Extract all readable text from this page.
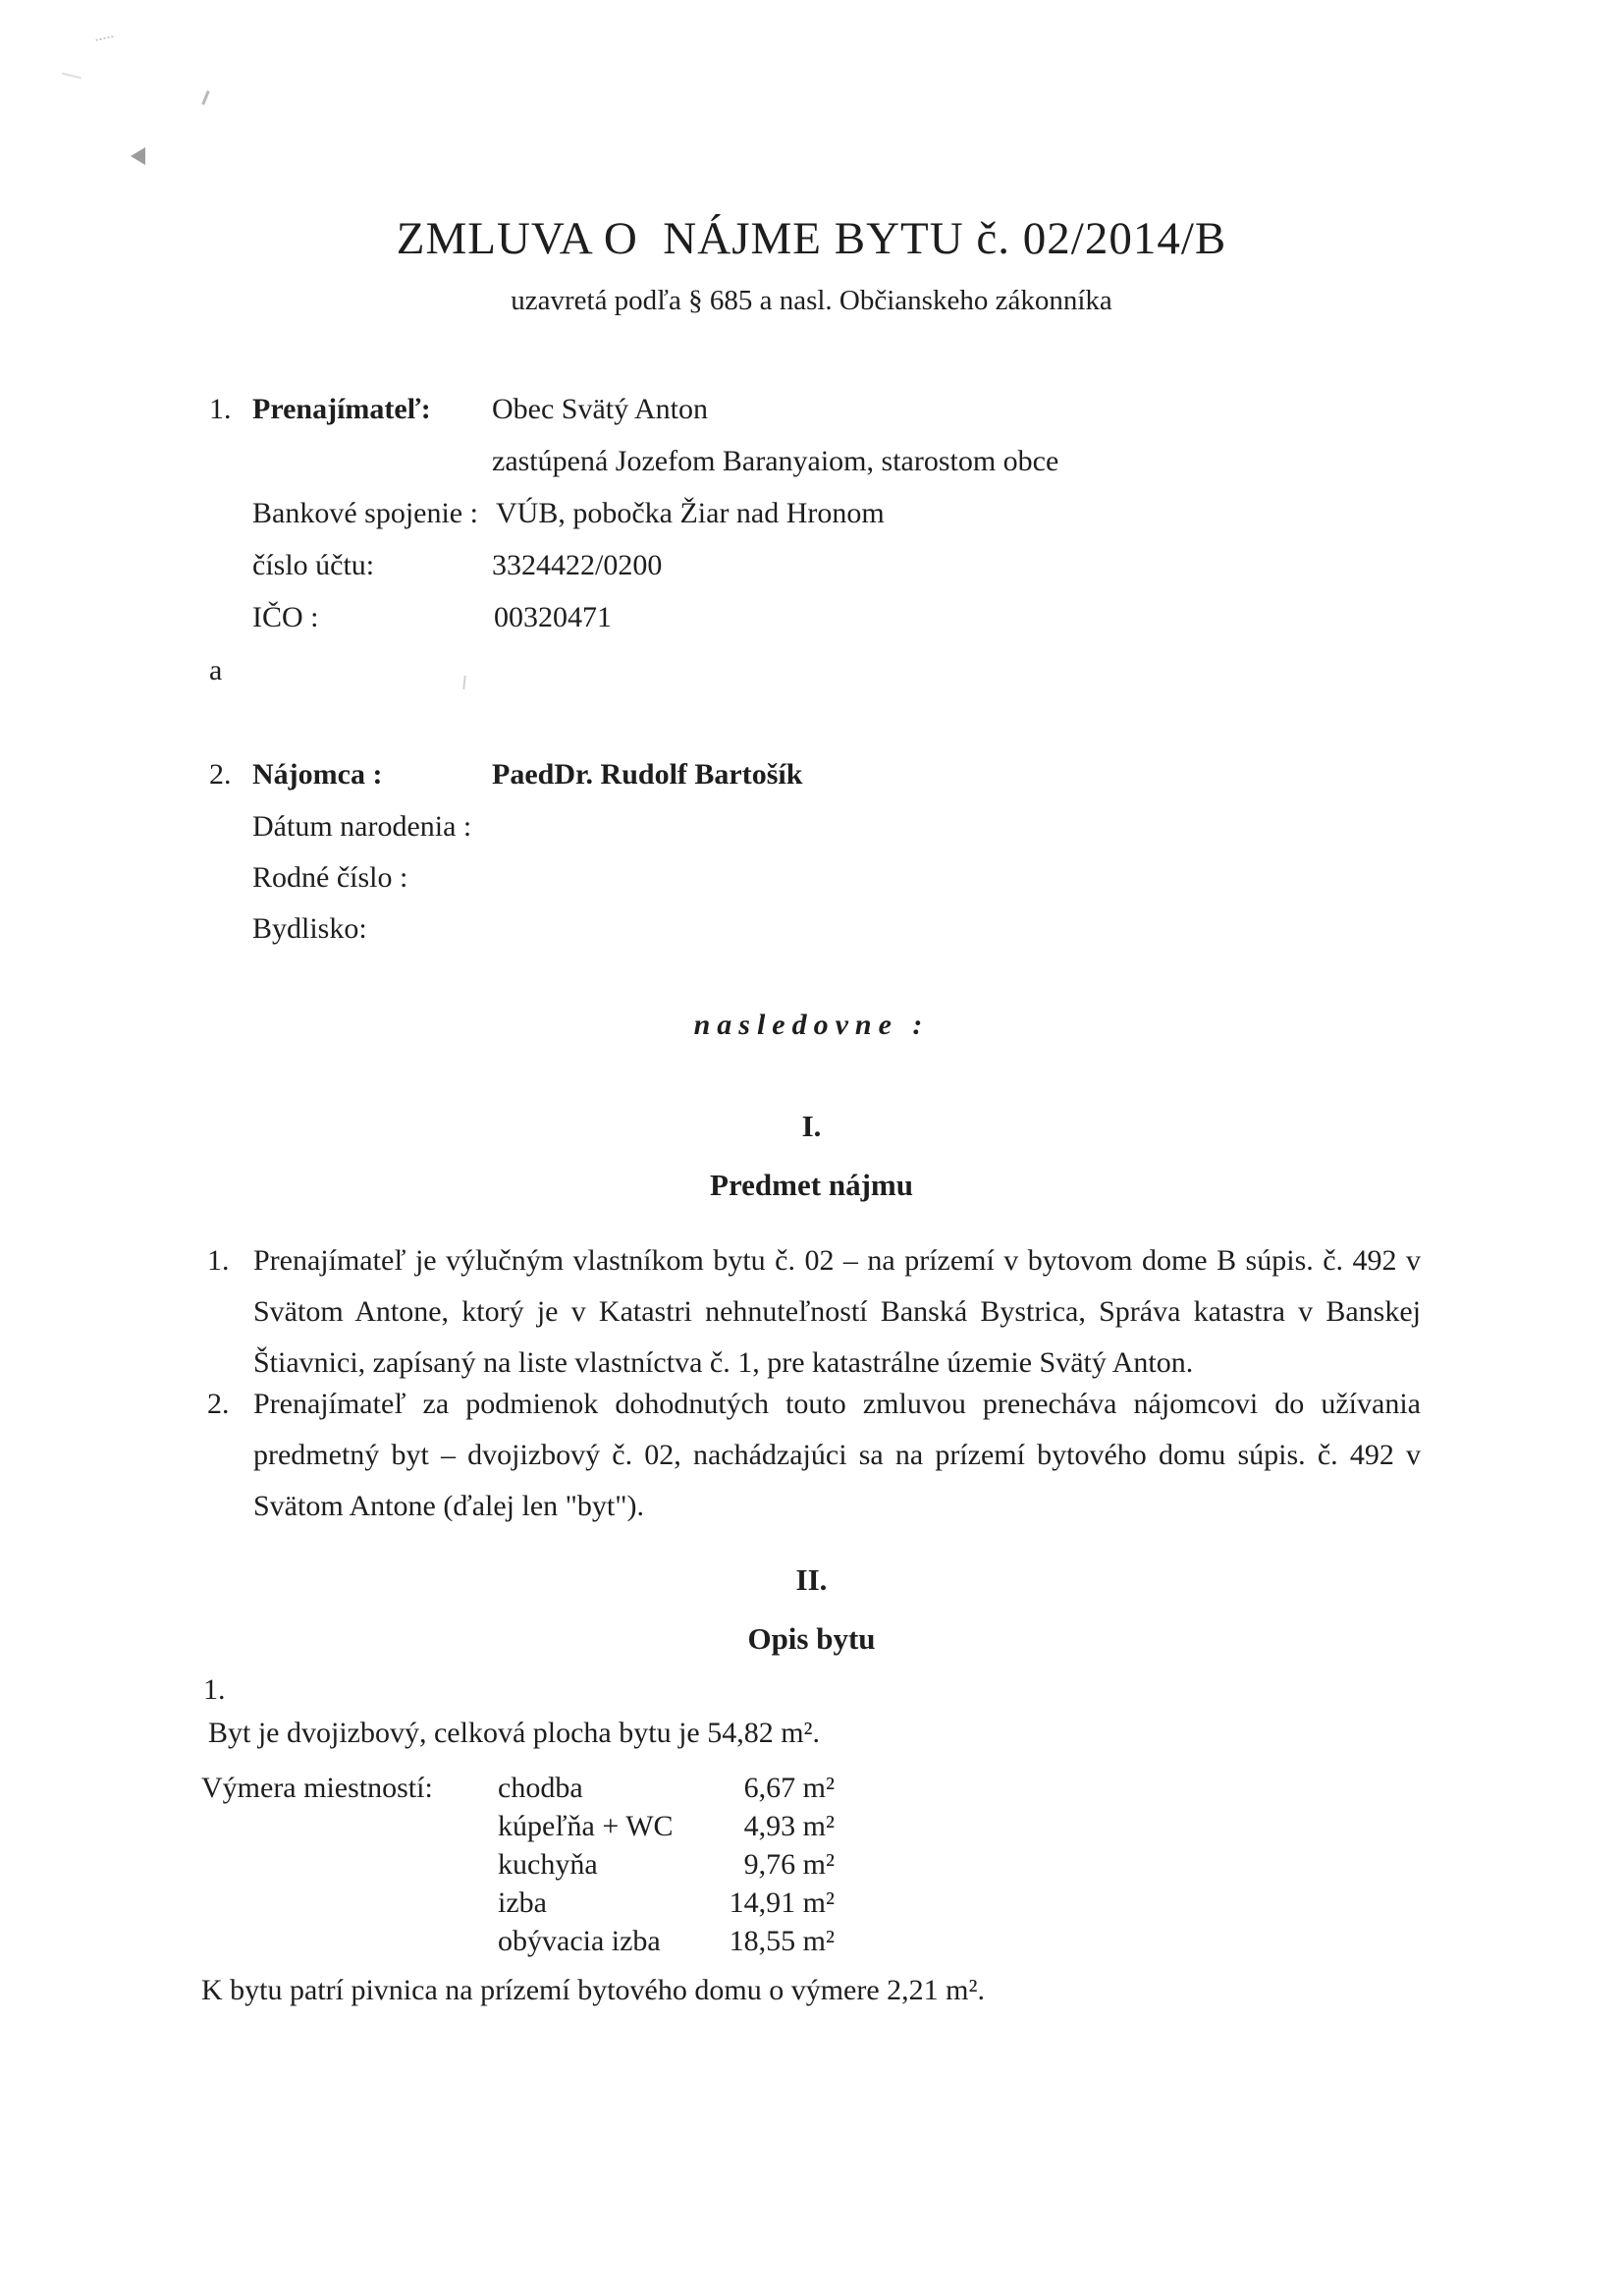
ZMLUVA O  NÁJME BYTU č. 02/2014/B
uzavretá podľa § 685 a nasl. Občianskeho zákonníka
1. Prenajímateľ: Obec Svätý Anton
zastúpená Jozefom Baranyaiom, starostom obce
Bankové spojenie : VÚB, pobočka Žiar nad Hronom
číslo účtu:	3324422/0200
IČO :	00320471
a
2. Nájomca :	PaedDr. Rudolf Bartošík
Dátum narodenia :
Rodné číslo :
Bydlisko:
nasledovne :
I.
Predmet nájmu
1. Prenajímateľ je výlučným vlastníkom bytu č. 02 – na prízemí v bytovom dome B súpis. č. 492 v Svätom Antone, ktorý je v Katastri nehnuteľností Banská Bystrica, Správa katastra v Banskej Štiavnici, zapísaný na liste vlastníctva č. 1, pre katastrálne územie Svätý Anton.
2. Prenajímateľ za podmienok dohodnutých touto zmluvou prenecháva nájomcovi do užívania predmetný byt – dvojizbový č. 02, nachádzajúci sa na prízemí bytového domu súpis. č. 492 v Svätom Antone (ďalej len "byt").
II.
Opis bytu
1.
Byt je dvojizbový, celková plocha bytu je 54,82 m².
Výmera miestností: chodba	6,67 m²
kúpeľňa + WC	4,93 m²
kuchyňa	9,76 m²
izba	14,91 m²
obývacia izba	18,55 m²
K bytu patrí pivnica na prízemí bytového domu o výmere 2,21 m².
